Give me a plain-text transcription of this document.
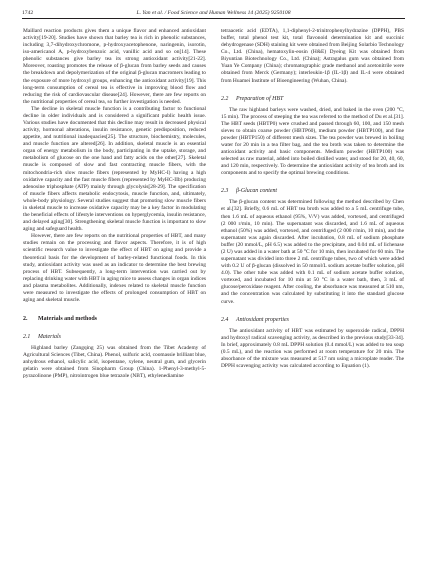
1742	L. Yan et al. / Food Science and Human Wellness 14 (2025) 9250108

Maillard reaction products gives them a unique flavor and enhanced antioxidant activity[19-20]. Studies have shown that barley tea is rich in phenolic substances, including 3,7-dihydroxychromone, p-hydroxyacetophenone, naringenin, isorotin, iso-americanol A, p-hydroxybenzoic acid, vanillic acid and so on[14]. These phenolic substances give barley tea its strong antioxidant activity[21-22]. Moreover, roasting promotes the release of β-glucan from barley seeds and causes the breakdown and depolymerization of the original β-glucan macromers leading to the exposure of more hydroxyl groups, enhancing the antioxidant activity[19]. This long-term consumption of cereal tea is effective in improving blood flow and reducing the risk of cardiovascular disease[24]. However, there are few reports on the nutritional properties of cereal tea, so further investigation is needed.

The decline in skeletal muscle function is a contributing factor to functional decline in older individuals and is considered a significant public health issue. Various studies have documented that this decline may result in decreased physical activity, hormonal alterations, insulin resistance, genetic predisposition, reduced appetite, and nutritional inadequacies[25]. The structure, biochemistry, molecules, and muscle function are altered[26]. In addition, skeletal muscle is an essential organ of energy metabolism in the body, participating in the uptake, storage, and metabolism of glucose on the one hand and fatty acids on the other[27]. Skeletal muscle is composed of slow and fast contracting muscle fibers, with the mitochondria-rich slow muscle fibers (represented by MyHC-I) having a high oxidative capacity and the fast muscle fibers (represented by MyHC-IIb) producing adenosine triphosphate (ATP) mainly through glycolysis[28-29]. The specification of muscle fibers affects metabolic endocytosis, muscle function, and, ultimately, whole-body physiology. Several studies suggest that promoting slow muscle fibers in skeletal muscle to increase oxidative capacity may be a key factor in modulating the beneficial effects of lifestyle interventions on hyperglycemia, insulin resistance, and delayed aging[30]. Strengthening skeletal muscle function is important to slow aging and safeguard health.

However, there are few reports on the nutritional properties of HBT, and many studies remain on the processing and flavor aspects. Therefore, it is of high scientific research value to investigate the effect of HBT on aging and provide a theoretical basis for the development of barley-related functional foods. In this study, antioxidant activity was used as an indicator to determine the best brewing process of HBT. Subsequently, a long-term intervention was carried out by replacing drinking water with HBT in aging mice to assess changes in organ indices and plasma metabolites. Additionally, indexes related to skeletal muscle function were measured to investigate the effects of prolonged consumption of HBT on aging and skeletal muscle.

2. Materials and methods
2.1 Materials

Highland barley (Zangqing 25) was obtained from the Tibet Academy of Agricultural Sciences (Tibet, China). Phenol, sulfuric acid, coomassie brilliant blue, anhydrous ethanol, salicylic acid, isopentane, xylene, neutral gum, and glycerin gelatin were obtained from Sinopharm Group (China). 1-Phenyl-3-methyl-5-pyrazolinone (PMP), nitrointrogen blue tetrazole (NBT), ethylenediamine

tetraacetic acid (EDTA), 1,1-diphenyl-2-trinitrophenylhydrazine (DPPH), PBS buffer, total phenol test kit, total flavonoid determination kit and succinic dehydrogenase (SDH) staining kit were obtained from Beijing Solarbio Technology Co., Ltd. (China), hematoxylin-eosin (H&E) Dyeing Kit was obtained from Biyuntian Biotechnology Co., Ltd. (China); Astragalus gum was obtained from Yuan Ye Company (China); chromatographic grade methanol and acetonitrile were obtained from Merck (Germany); interleukin-1β (IL-1β) and IL-4 were obtained from Huamei Institute of Bioengineering (Wuhan, China).

2.2 Preparation of HBT

The raw highland barleys were washed, dried, and baked in the oven (200 °C, 15 min). The process of steeping the tea was referred to the method of Du et al.[31]. The HBT seeds (HBTP0) were crushed and passed through 60, 100, and 150 mesh sieves to obtain coarse powder (HBTP60), medium powder (HBTP100), and fine powder (HBTP150) of different mesh sizes. The tea powder was brewed in boiling water for 20 min in a tea filter bag, and the tea broth was taken to determine the antioxidant activity and basic components. Medium powder (HBTP100) was selected as raw material, added into boiled distilled water, and stood for 20, 40, 60, and 120 min, respectively. To determine the antioxidant activity of tea broth and its components and to specify the optimal brewing conditions.

2.3 β-Glucan content

The β-glucan content was determined following the method described by Chen et al.[32]. Briefly, 0.6 mL of HBT tea broth was added to a 5 mL centrifuge tube, then 1.6 mL of aqueous ethanol (95%, V/V) was added, vortexed, and centrifuged (2 000 r/min, 10 min). The supernatant was discarded, and 1.6 mL of aqueous ethanol (50%) was added, vortexed, and centrifuged (2 000 r/min, 10 min), and the supernatant was again discarded. After incubation, 0.8 mL of sodium phosphate buffer (20 mmol/L, pH 6.5) was added to the precipitate, and 0.04 mL of lichenase (2 U) was added in a water bath at 50 °C for 10 min, then incubated for 60 min. The supernatant was divided into three 2 mL centrifuge tubes, two of which were added with 0.2 U of β-glucan (dissolved in 50 mmol/L sodium acetate buffer solution, pH 4.0). The other tube was added with 0.1 mL of sodium acetate buffer solution, vortexed, and incubated for 10 min at 50 °C in a water bath, then, 3 mL of glucose/peroxidase reagent. After cooling, the absorbance was measured at 510 nm, and the concentration was calculated by substituting it into the standard glucose curve.

2.4 Antioxidant properties

The antioxidant activity of HBT was estimated by superoxide radical, DPPH and hydroxyl radical scavenging activity, as described in the previous study[33-34]. In brief, approximately 0.8 mL DPPH solution (0.4 mmol/L) was added to tea soup (0.5 mL), and the reaction was performed at room temperature for 20 min. The absorbance of the mixture was measured at 517 nm using a microplate reader. The DPPH scavenging activity was calculated according to Equation (1).
